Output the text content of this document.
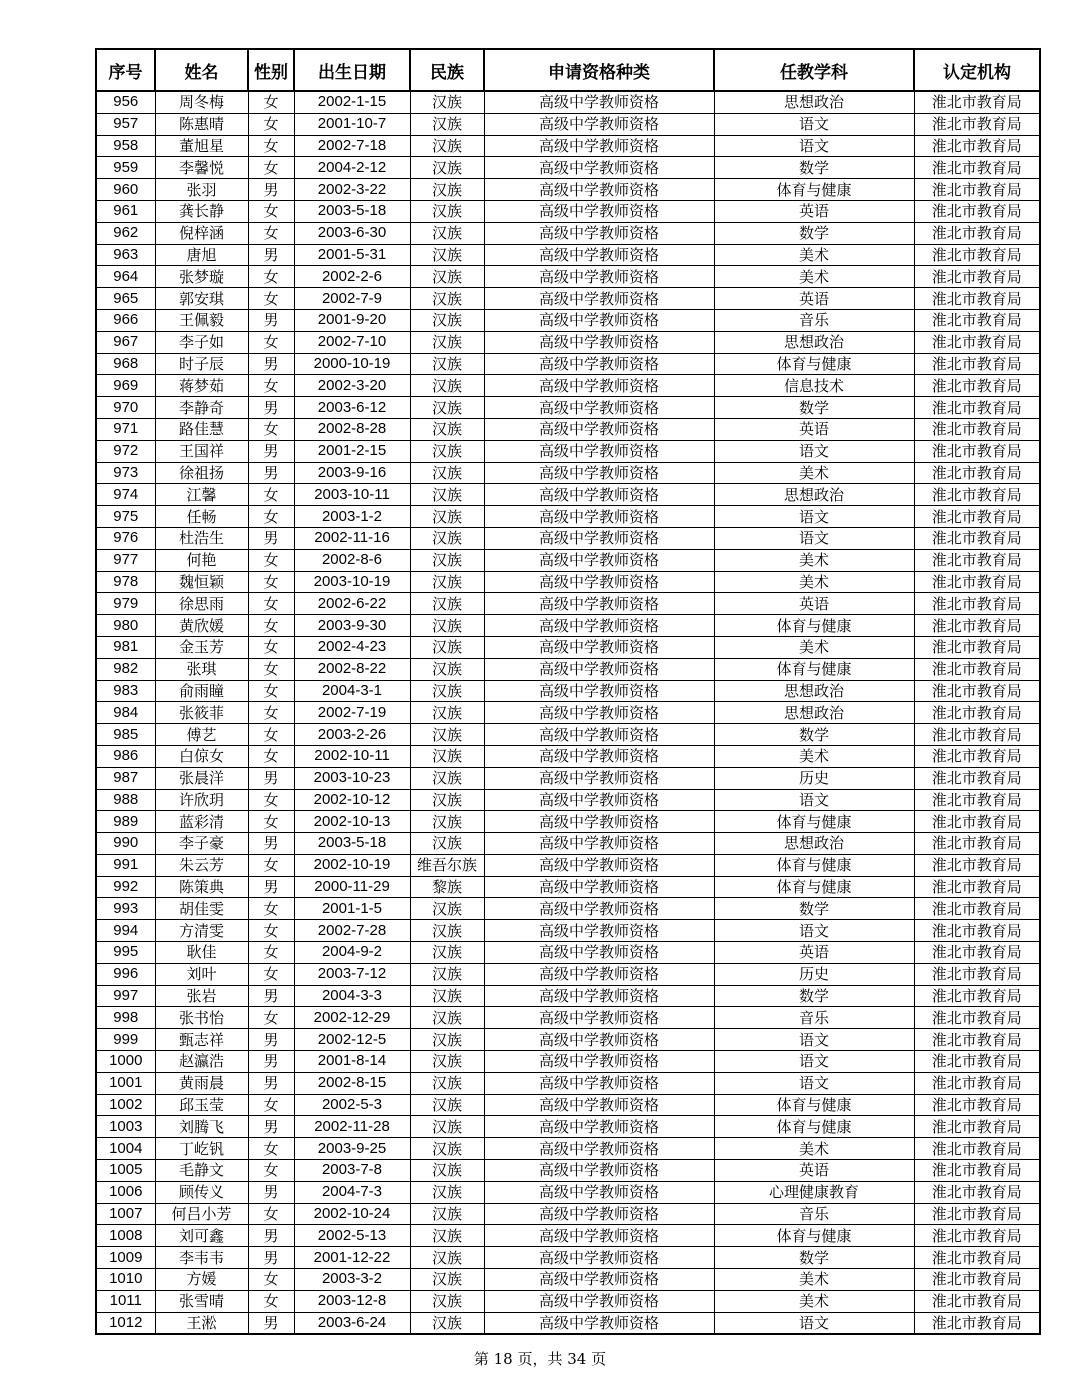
序号	姓名	性别	出生日期	民族	申请资格种类	任教学科	认定机构
956	周冬梅	女	2002-1-15	汉族	高级中学教师资格	思想政治	淮北市教育局
957	陈惠晴	女	2001-10-7	汉族	高级中学教师资格	语文	淮北市教育局
958	董旭星	女	2002-7-18	汉族	高级中学教师资格	语文	淮北市教育局
959	李馨悦	女	2004-2-12	汉族	高级中学教师资格	数学	淮北市教育局
960	张羽	男	2002-3-22	汉族	高级中学教师资格	体育与健康	淮北市教育局
961	龚长静	女	2003-5-18	汉族	高级中学教师资格	英语	淮北市教育局
962	倪梓涵	女	2003-6-30	汉族	高级中学教师资格	数学	淮北市教育局
963	唐旭	男	2001-5-31	汉族	高级中学教师资格	美术	淮北市教育局
964	张梦璇	女	2002-2-6	汉族	高级中学教师资格	美术	淮北市教育局
965	郭安琪	女	2002-7-9	汉族	高级中学教师资格	英语	淮北市教育局
966	王佩毅	男	2001-9-20	汉族	高级中学教师资格	音乐	淮北市教育局
967	李子如	女	2002-7-10	汉族	高级中学教师资格	思想政治	淮北市教育局
968	时子辰	男	2000-10-19	汉族	高级中学教师资格	体育与健康	淮北市教育局
969	蒋梦茹	女	2002-3-20	汉族	高级中学教师资格	信息技术	淮北市教育局
970	李静奇	男	2003-6-12	汉族	高级中学教师资格	数学	淮北市教育局
971	路佳慧	女	2002-8-28	汉族	高级中学教师资格	英语	淮北市教育局
972	王国祥	男	2001-2-15	汉族	高级中学教师资格	语文	淮北市教育局
973	徐祖扬	男	2003-9-16	汉族	高级中学教师资格	美术	淮北市教育局
974	江馨	女	2003-10-11	汉族	高级中学教师资格	思想政治	淮北市教育局
975	任畅	女	2003-1-2	汉族	高级中学教师资格	语文	淮北市教育局
976	杜浩生	男	2002-11-16	汉族	高级中学教师资格	语文	淮北市教育局
977	何艳	女	2002-8-6	汉族	高级中学教师资格	美术	淮北市教育局
978	魏恒颖	女	2003-10-19	汉族	高级中学教师资格	美术	淮北市教育局
979	徐思雨	女	2002-6-22	汉族	高级中学教师资格	英语	淮北市教育局
980	黄欣媛	女	2003-9-30	汉族	高级中学教师资格	体育与健康	淮北市教育局
981	金玉芳	女	2002-4-23	汉族	高级中学教师资格	美术	淮北市教育局
982	张琪	女	2002-8-22	汉族	高级中学教师资格	体育与健康	淮北市教育局
983	俞雨瞳	女	2004-3-1	汉族	高级中学教师资格	思想政治	淮北市教育局
984	张筱菲	女	2002-7-19	汉族	高级中学教师资格	思想政治	淮北市教育局
985	傅艺	女	2003-2-26	汉族	高级中学教师资格	数学	淮北市教育局
986	白倞女	女	2002-10-11	汉族	高级中学教师资格	美术	淮北市教育局
987	张晨洋	男	2003-10-23	汉族	高级中学教师资格	历史	淮北市教育局
988	许欣玥	女	2002-10-12	汉族	高级中学教师资格	语文	淮北市教育局
989	蓝彩清	女	2002-10-13	汉族	高级中学教师资格	体育与健康	淮北市教育局
990	李子豪	男	2003-5-18	汉族	高级中学教师资格	思想政治	淮北市教育局
991	朱云芳	女	2002-10-19	维吾尔族	高级中学教师资格	体育与健康	淮北市教育局
992	陈策典	男	2000-11-29	黎族	高级中学教师资格	体育与健康	淮北市教育局
993	胡佳雯	女	2001-1-5	汉族	高级中学教师资格	数学	淮北市教育局
994	方清雯	女	2002-7-28	汉族	高级中学教师资格	语文	淮北市教育局
995	耿佳	女	2004-9-2	汉族	高级中学教师资格	英语	淮北市教育局
996	刘叶	女	2003-7-12	汉族	高级中学教师资格	历史	淮北市教育局
997	张岩	男	2004-3-3	汉族	高级中学教师资格	数学	淮北市教育局
998	张书怡	女	2002-12-29	汉族	高级中学教师资格	音乐	淮北市教育局
999	甄志祥	男	2002-12-5	汉族	高级中学教师资格	语文	淮北市教育局
1000	赵瀛浩	男	2001-8-14	汉族	高级中学教师资格	语文	淮北市教育局
1001	黄雨晨	男	2002-8-15	汉族	高级中学教师资格	语文	淮北市教育局
1002	邱玉莹	女	2002-5-3	汉族	高级中学教师资格	体育与健康	淮北市教育局
1003	刘腾飞	男	2002-11-28	汉族	高级中学教师资格	体育与健康	淮北市教育局
1004	丁屹钒	女	2003-9-25	汉族	高级中学教师资格	美术	淮北市教育局
1005	毛静文	女	2003-7-8	汉族	高级中学教师资格	英语	淮北市教育局
1006	顾传义	男	2004-7-3	汉族	高级中学教师资格	心理健康教育	淮北市教育局
1007	何吕小芳	女	2002-10-24	汉族	高级中学教师资格	音乐	淮北市教育局
1008	刘可鑫	男	2002-5-13	汉族	高级中学教师资格	体育与健康	淮北市教育局
1009	李韦韦	男	2001-12-22	汉族	高级中学教师资格	数学	淮北市教育局
1010	方媛	女	2003-3-2	汉族	高级中学教师资格	美术	淮北市教育局
1011	张雪晴	女	2003-12-8	汉族	高级中学教师资格	美术	淮北市教育局
1012	王淞	男	2003-6-24	汉族	高级中学教师资格	语文	淮北市教育局
第 18 页，共 34 页
